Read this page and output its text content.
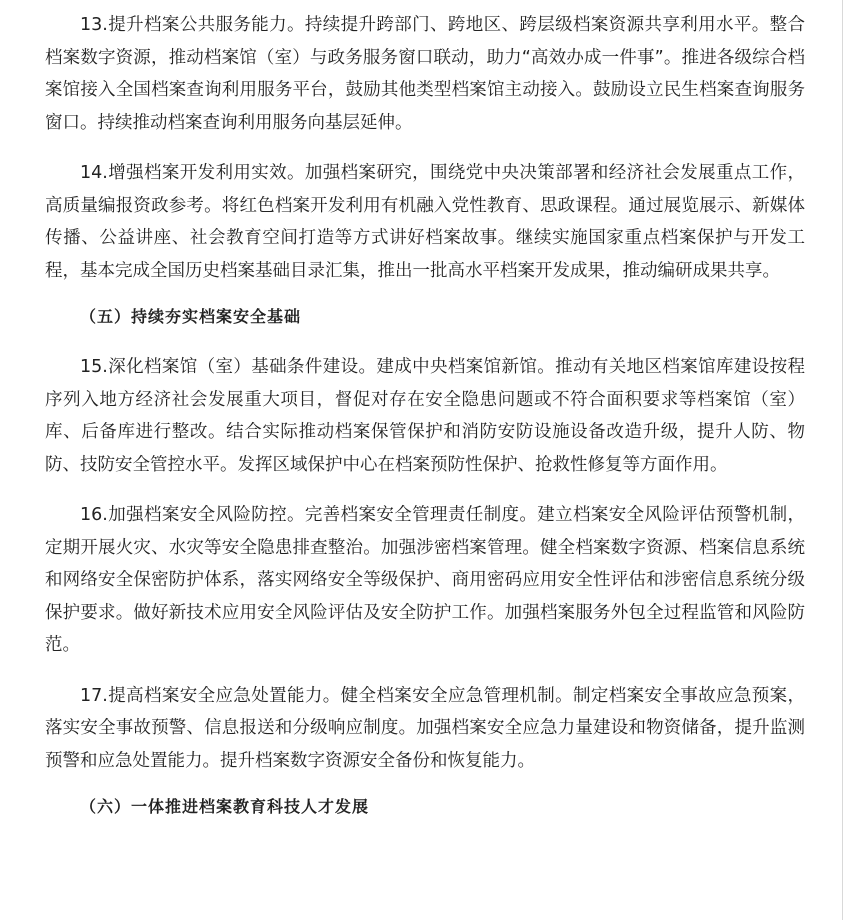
13.提升档案公共服务能力。持续提升跨部门、跨地区、跨层级档案资源共享利用水平。整合档案数字资源，推动档案馆（室）与政务服务窗口联动，助力“高效办成一件事”。推进各级综合档案馆接入全国档案查询利用服务平台，鼓励其他类型档案馆主动接入。鼓励设立民生档案查询服务窗口。持续推动档案查询利用服务向基层延伸。

14.增强档案开发利用实效。加强档案研究，围绕党中央决策部署和经济社会发展重点工作，高质量编报资政参考。将红色档案开发利用有机融入党性教育、思政课程。通过展览展示、新媒体传播、公益讲座、社会教育空间打造等方式讲好档案故事。继续实施国家重点档案保护与开发工程，基本完成全国历史档案基础目录汇集，推出一批高水平档案开发成果，推动编研成果共享。

（五）持续夯实档案安全基础

15.深化档案馆（室）基础条件建设。建成中央档案馆新馆。推动有关地区档案馆库建设按程序列入地方经济社会发展重大项目，督促对存在安全隐患问题或不符合面积要求等档案馆（室）库、后备库进行整改。结合实际推动档案保管保护和消防安防设施设备改造升级，提升人防、物防、技防安全管控水平。发挥区域保护中心在档案预防性保护、抢救性修复等方面作用。

16.加强档案安全风险防控。完善档案安全管理责任制度。建立档案安全风险评估预警机制，定期开展火灾、水灾等安全隐患排查整治。加强涉密档案管理。健全档案数字资源、档案信息系统和网络安全保密防护体系，落实网络安全等级保护、商用密码应用安全性评估和涉密信息系统分级保护要求。做好新技术应用安全风险评估及安全防护工作。加强档案服务外包全过程监管和风险防范。

17.提高档案安全应急处置能力。健全档案安全应急管理机制。制定档案安全事故应急预案，落实安全事故预警、信息报送和分级响应制度。加强档案安全应急力量建设和物资储备，提升监测预警和应急处置能力。提升档案数字资源安全备份和恢复能力。

（六）一体推进档案教育科技人才发展
